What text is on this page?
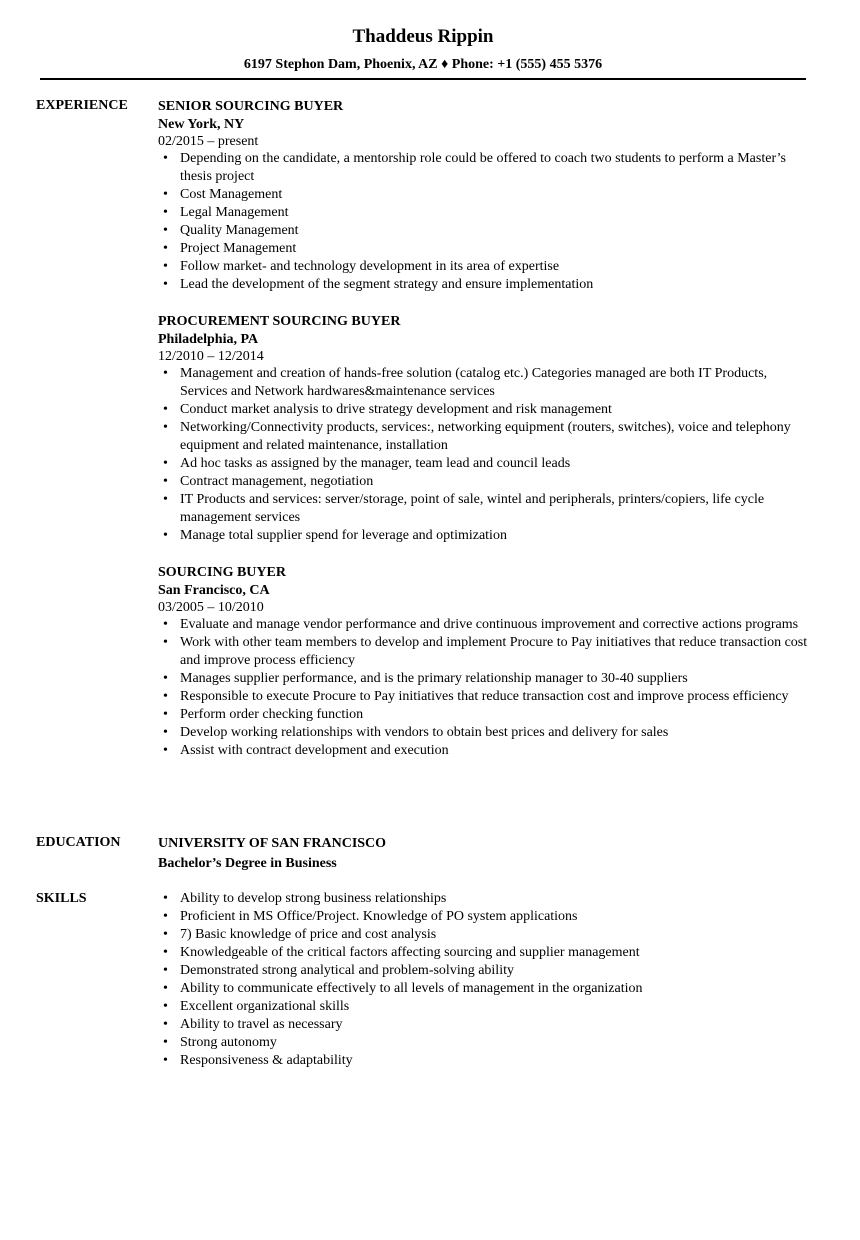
Thaddeus Rippin
6197 Stephon Dam, Phoenix, AZ ♦ Phone: +1 (555) 455 5376
EXPERIENCE SENIOR SOURCING BUYER
New York, NY
02/2015 – present
• Depending on the candidate, a mentorship role could be offered to coach two students to perform a Master’s thesis project
• Cost Management
• Legal Management
• Quality Management
• Project Management
• Follow market- and technology development in its area of expertise
• Lead the development of the segment strategy and ensure implementation
PROCUREMENT SOURCING BUYER
Philadelphia, PA
12/2010 – 12/2014
• Management and creation of hands-free solution (catalog etc.) Categories managed are both IT Products, Services and Network hardwares&maintenance services
• Conduct market analysis to drive strategy development and risk management
• Networking/Connectivity products, services:, networking equipment (routers, switches), voice and telephony equipment and related maintenance, installation
• Ad hoc tasks as assigned by the manager, team lead and council leads
• Contract management, negotiation
• IT Products and services: server/storage, point of sale, wintel and peripherals, printers/copiers, life cycle management services
• Manage total supplier spend for leverage and optimization
SOURCING BUYER
San Francisco, CA
03/2005 – 10/2010
• Evaluate and manage vendor performance and drive continuous improvement and corrective actions programs
• Work with other team members to develop and implement Procure to Pay initiatives that reduce transaction cost and improve process efficiency
• Manages supplier performance, and is the primary relationship manager to 30-40 suppliers
• Responsible to execute Procure to Pay initiatives that reduce transaction cost and improve process efficiency
• Perform order checking function
• Develop working relationships with vendors to obtain best prices and delivery for sales
• Assist with contract development and execution
EDUCATION	UNIVERSITY OF SAN FRANCISCO
Bachelor’s Degree in Business
SKILLS
•	Ability to develop strong business relationships
• Proficient in MS Office/Project. Knowledge of PO system applications
• 7) Basic knowledge of price and cost analysis
• Knowledgeable of the critical factors affecting sourcing and supplier management
• Demonstrated strong analytical and problem-solving ability
• Ability to communicate effectively to all levels of management in the organization
• Excellent organizational skills
• Ability to travel as necessary
• Strong autonomy
• Responsiveness & adaptability
